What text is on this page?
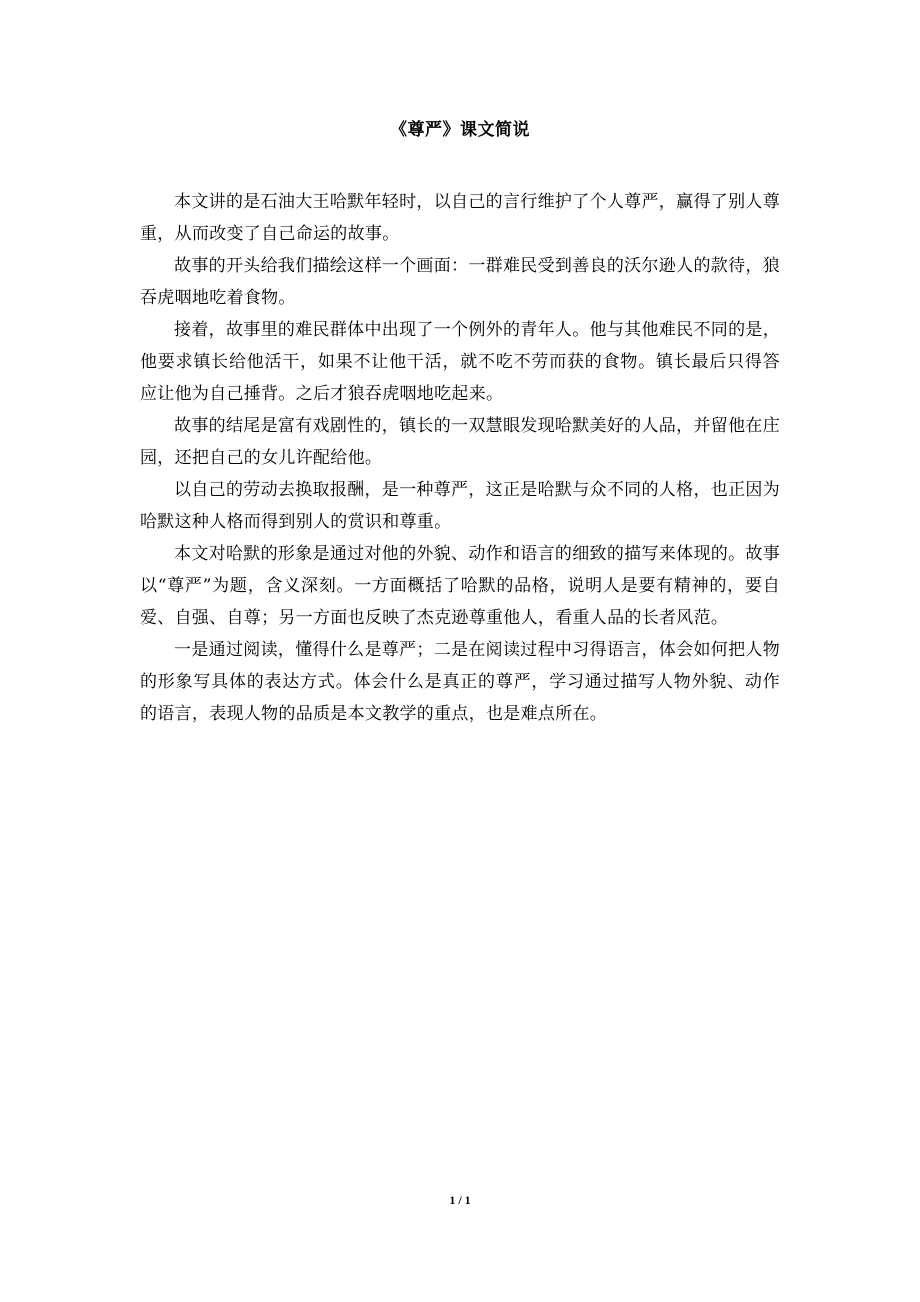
《尊严》课文简说

本文讲的是石油大王哈默年轻时，以自己的言行维护了个人尊严，赢得了别人尊重，从而改变了自己命运的故事。

故事的开头给我们描绘这样一个画面：一群难民受到善良的沃尔逊人的款待，狼吞虎咽地吃着食物。

接着，故事里的难民群体中出现了一个例外的青年人。他与其他难民不同的是，他要求镇长给他活干，如果不让他干活，就不吃不劳而获的食物。镇长最后只得答应让他为自己捶背。之后才狼吞虎咽地吃起来。

故事的结尾是富有戏剧性的，镇长的一双慧眼发现哈默美好的人品，并留他在庄园，还把自己的女儿许配给他。

以自己的劳动去换取报酬，是一种尊严，这正是哈默与众不同的人格，也正因为哈默这种人格而得到别人的赏识和尊重。

本文对哈默的形象是通过对他的外貌、动作和语言的细致的描写来体现的。故事以“尊严”为题，含义深刻。一方面概括了哈默的品格，说明人是要有精神的，要自爱、自强、自尊；另一方面也反映了杰克逊尊重他人，看重人品的长者风范。

一是通过阅读，懂得什么是尊严；二是在阅读过程中习得语言，体会如何把人物的形象写具体的表达方式。体会什么是真正的尊严，学习通过描写人物外貌、动作的语言，表现人物的品质是本文教学的重点，也是难点所在。

1 / 1
